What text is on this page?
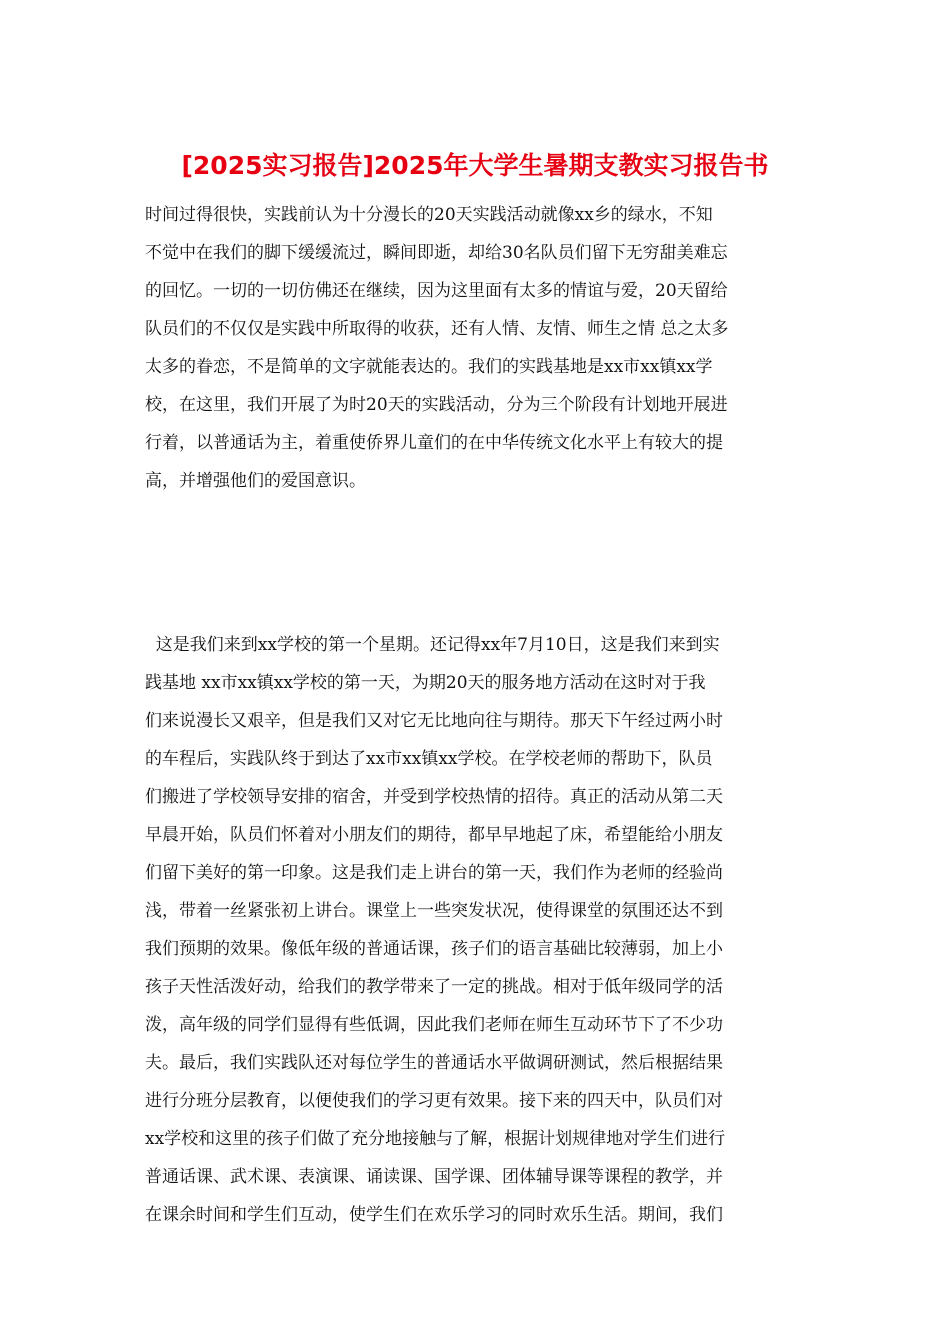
[2025实习报告]2025年大学生暑期支教实习报告书
时间过得很快，实践前认为十分漫长的20天实践活动就像xx乡的绿水，不知
不觉中在我们的脚下缓缓流过，瞬间即逝，却给30名队员们留下无穷甜美难忘
的回忆。一切的一切仿佛还在继续，因为这里面有太多的情谊与爱，20天留给
队员们的不仅仅是实践中所取得的收获，还有人情、友情、师生之情 总之太多
太多的眷恋，不是简单的文字就能表达的。我们的实践基地是xx市xx镇xx学
校，在这里，我们开展了为时20天的实践活动，分为三个阶段有计划地开展进
行着，以普通话为主，着重使侨界儿童们的在中华传统文化水平上有较大的提
高，并增强他们的爱国意识。
这是我们来到xx学校的第一个星期。还记得xx年7月10日，这是我们来到实
践基地 xx市xx镇xx学校的第一天，为期20天的服务地方活动在这时对于我
们来说漫长又艰辛，但是我们又对它无比地向往与期待。那天下午经过两小时
的车程后，实践队终于到达了xx市xx镇xx学校。在学校老师的帮助下，队员
们搬进了学校领导安排的宿舍，并受到学校热情的招待。真正的活动从第二天
早晨开始，队员们怀着对小朋友们的期待，都早早地起了床，希望能给小朋友
们留下美好的第一印象。这是我们走上讲台的第一天，我们作为老师的经验尚
浅，带着一丝紧张初上讲台。课堂上一些突发状况，使得课堂的氛围还达不到
我们预期的效果。像低年级的普通话课，孩子们的语言基础比较薄弱，加上小
孩子天性活泼好动，给我们的教学带来了一定的挑战。相对于低年级同学的活
泼，高年级的同学们显得有些低调，因此我们老师在师生互动环节下了不少功
夫。最后，我们实践队还对每位学生的普通话水平做调研测试，然后根据结果
进行分班分层教育，以便使我们的学习更有效果。接下来的四天中，队员们对
xx学校和这里的孩子们做了充分地接触与了解，根据计划规律地对学生们进行
普通话课、武术课、表演课、诵读课、国学课、团体辅导课等课程的教学，并
在课余时间和学生们互动，使学生们在欢乐学习的同时欢乐生活。期间，我们
